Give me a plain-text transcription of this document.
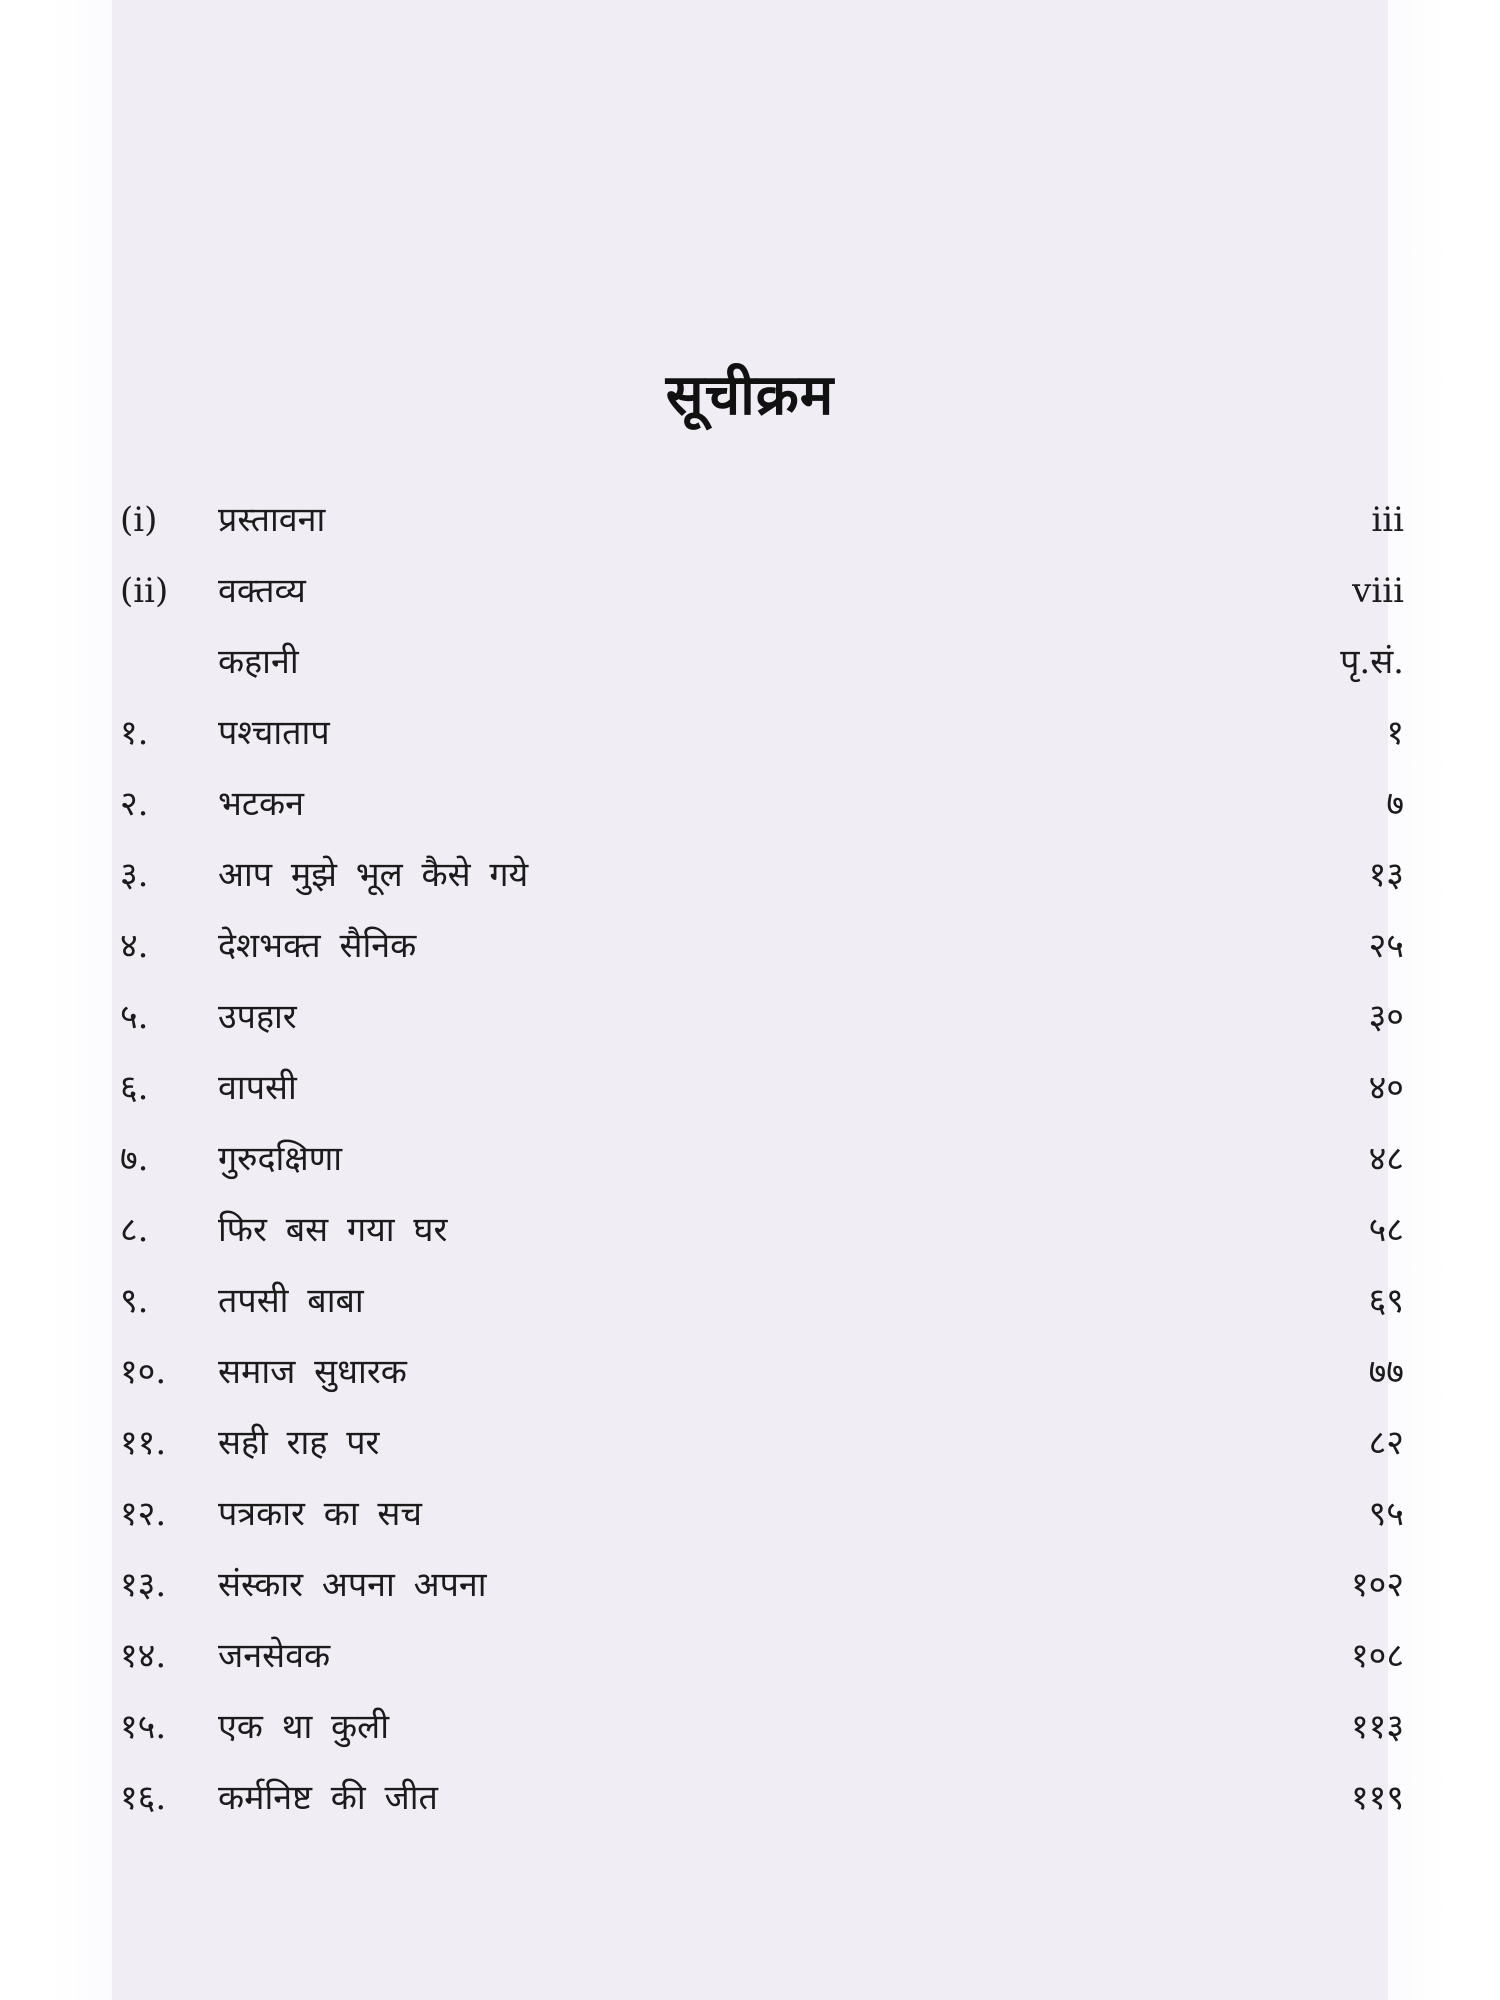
सूचीक्रम
(i) प्रस्तावना	iii
(ii) वक्तव्य	viii
कहानी	पृ.सं.
१. पश्चाताप	१
२. भटकन	७
३. आप मुझे भूल कैसे गये	१३
४. देशभक्त सैनिक	२५
५. उपहार	३०
६. वापसी	४०
७. गुरुदक्षिणा	४८
८. फिर बस गया घर	५८
९. तपसी बाबा	६९
१०. समाज सुधारक	७७
११. सही राह पर	८२
१२. पत्रकार का सच	९५
१३. संस्कार अपना अपना	१०२
१४. जनसेवक	१०८
१५. एक था कुली	११३
१६. कर्मनिष्ट की जीत	११९
